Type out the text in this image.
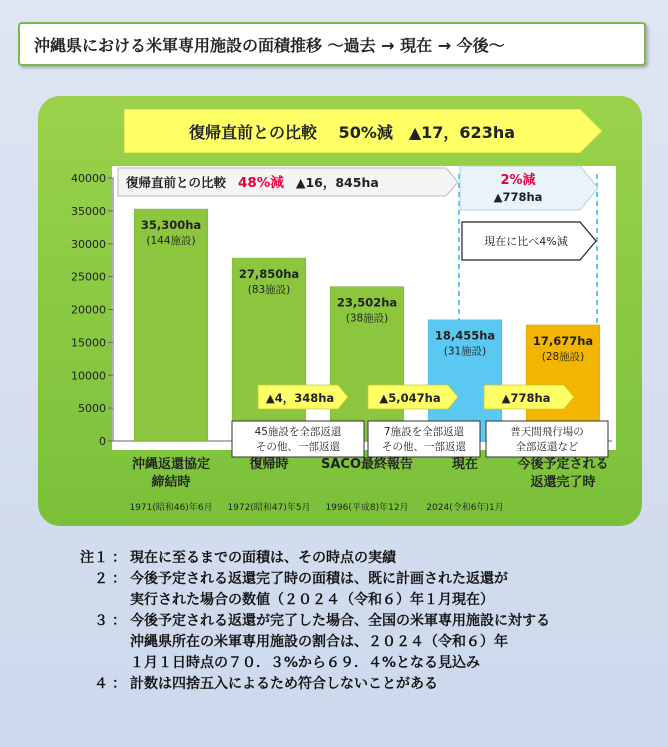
沖縄県における米軍専用施設の面積推移 ～過去 → 現在 → 今後～
復帰直前との比較　 50%減　▲17，623ha
0
5000
10000
15000
20000
25000
30000
35000
40000
35,300ha
(144施設)
27,850ha
(83施設)
23,502ha
(38施設)
18,455ha
(31施設)
17,677ha
(28施設)
復帰直前との比較 48%減 ▲16，845ha	2%減
▲778ha
現在に比べ4%減
▲4，348ha	▲5,047ha	▲778ha
45施設を全部返還
その他、一部返還
7施設を全部返還
その他、一部返還
普天間飛行場の
全部返還など
沖縄返還協定
締結時
復帰時 SACO最終報告	現在	今後予定される
返還完了時
1971(昭和46)年6月 1972(昭和47)年5月 1996(平成8)年12月 2024(令和6年)1月
注１ ： 現在に至るまでの面積は、その時点の実績
２ ： 今後予定される返還完了時の面積は、既に計画された返還が
実行された場合の数値（２０２４（令和６）年１月現在）
３ ： 今後予定される返還が完了した場合、全国の米軍専用施設に対する
沖縄県所在の米軍専用施設の割合は、２０２４（令和６）年
１月１日時点の７０．３%から６９．４%となる見込み
４ ： 計数は四捨五入によるため符合しないことがある
